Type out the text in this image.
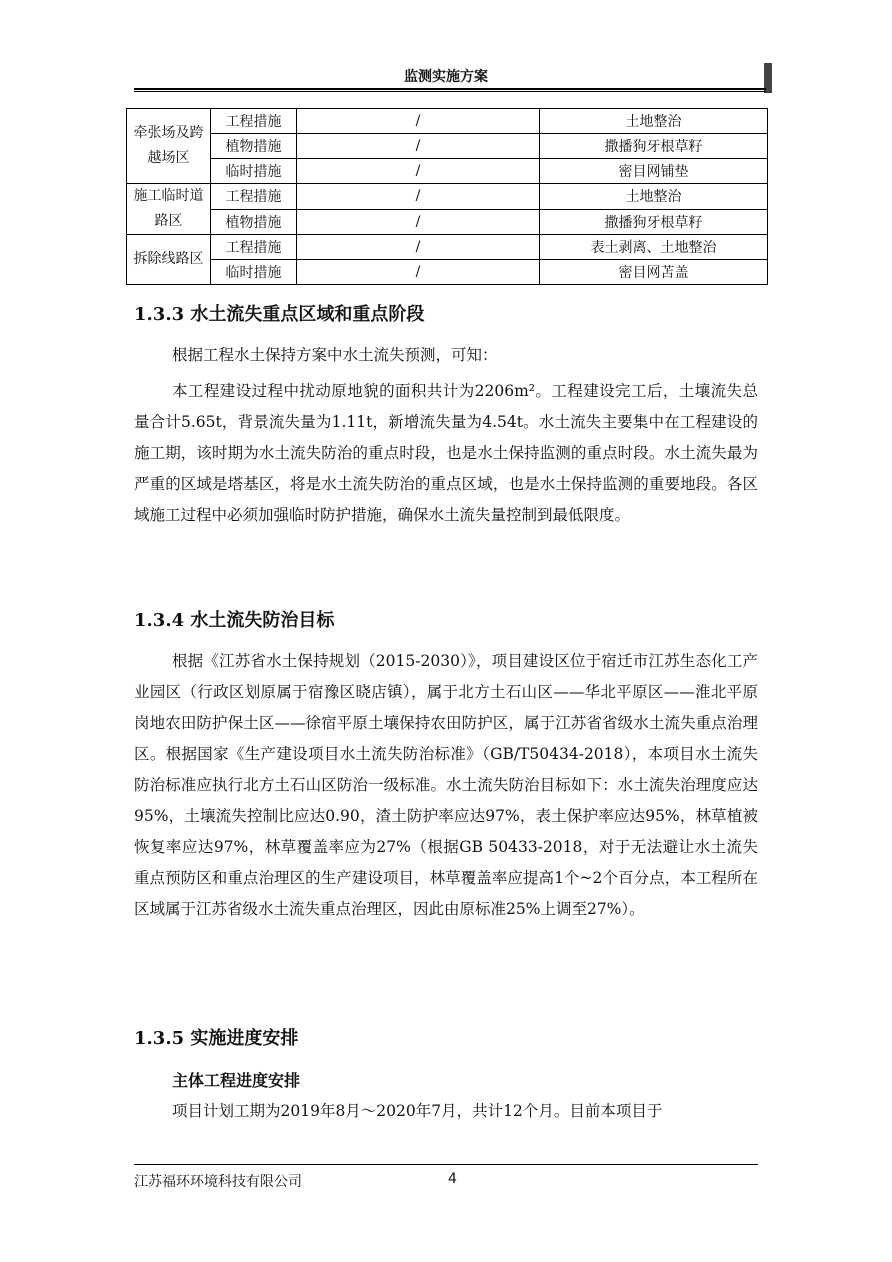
监测实施方案
牵张场及跨越场区	工程措施	/	土地整治
	植物措施	/	撒播狗牙根草籽
	临时措施	/	密目网铺垫
施工临时道路区	工程措施	/	土地整治
	植物措施	/	撒播狗牙根草籽
拆除线路区	工程措施	/	表土剥离、土地整治
	临时措施	/	密目网苫盖
1.3.3 水土流失重点区域和重点阶段

根据工程水土保持方案中水土流失预测，可知：

本工程建设过程中扰动原地貌的面积共计为2206m²。工程建设完工后，土壤流失总量合计5.65t，背景流失量为1.11t，新增流失量为4.54t。水土流失主要集中在工程建设的施工期，该时期为水土流失防治的重点时段，也是水土保持监测的重点时段。水土流失最为严重的区域是塔基区，将是水土流失防治的重点区域，也是水土保持监测的重要地段。各区域施工过程中必须加强临时防护措施，确保水土流失量控制到最低限度。

1.3.4 水土流失防治目标

根据《江苏省水土保持规划（2015-2030）》，项目建设区位于宿迁市江苏生态化工产业园区（行政区划原属于宿豫区晓店镇），属于北方土石山区——华北平原区——淮北平原岗地农田防护保土区——徐宿平原土壤保持农田防护区，属于江苏省省级水土流失重点治理区。根据国家《生产建设项目水土流失防治标准》（GB/T50434-2018），本项目水土流失防治标准应执行北方土石山区防治一级标准。水土流失防治目标如下：水土流失治理度应达95%，土壤流失控制比应达0.90，渣土防护率应达97%，表土保护率应达95%，林草植被恢复率应达97%，林草覆盖率应为27%（根据GB 50433-2018，对于无法避让水土流失重点预防区和重点治理区的生产建设项目，林草覆盖率应提高1个~2个百分点，本工程所在区域属于江苏省级水土流失重点治理区，因此由原标准25%上调至27%）。

1.3.5 实施进度安排
主体工程进度安排

项目计划工期为2019年8月～2020年7月，共计12个月。目前本项目于

江苏福环环境科技有限公司	4
